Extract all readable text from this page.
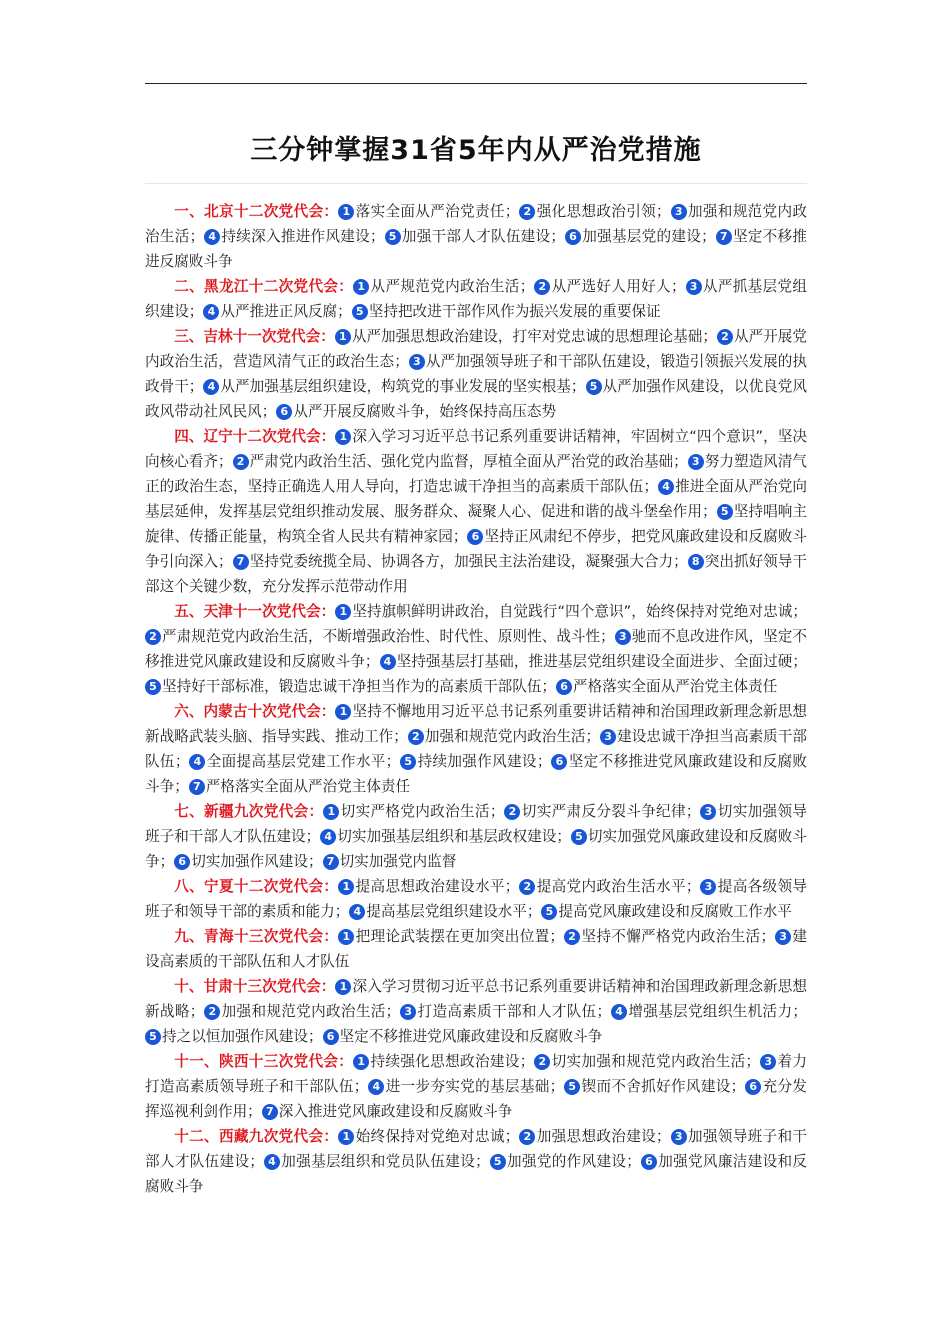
三分钟掌握31省5年内从严治党措施

一、北京十二次党代会： 1 落实全面从严治党责任； 2 强化思想政治引领； 3 加强和规范党内政治生活； 4 持续深入推进作风建设； 5 加强干部人才队伍建设； 6 加强基层党的建设； 7 坚定不移推进反腐败斗争

二、黑龙江十二次党代会： 1 从严规范党内政治生活； 2 从严选好人用好人； 3 从严抓基层党组织建设； 4 从严推进正风反腐； 5 坚持把改进干部作风作为振兴发展的重要保证

三、吉林十一次党代会： 1 从严加强思想政治建设，打牢对党忠诚的思想理论基础； 2 从严开展党内政治生活，营造风清气正的政治生态； 3 从严加强领导班子和干部队伍建设，锻造引领振兴发展的执政骨干； 4 从严加强基层组织建设，构筑党的事业发展的坚实根基； 5 从严加强作风建设，以优良党风政风带动社风民风； 6 从严开展反腐败斗争，始终保持高压态势

四、辽宁十二次党代会： 1 深入学习习近平总书记系列重要讲话精神，牢固树立“四个意识”，坚决向核心看齐； 2 严肃党内政治生活、强化党内监督，厚植全面从严治党的政治基础； 3 努力塑造风清气正的政治生态，坚持正确选人用人导向，打造忠诚干净担当的高素质干部队伍； 4 推进全面从严治党向基层延伸，发挥基层党组织推动发展、服务群众、凝聚人心、促进和谐的战斗堡垒作用； 5 坚持唱响主旋律、传播正能量，构筑全省人民共有精神家园； 6 坚持正风肃纪不停步，把党风廉政建设和反腐败斗争引向深入； 7 坚持党委统揽全局、协调各方，加强民主法治建设，凝聚强大合力； 8 突出抓好领导干部这个关键少数，充分发挥示范带动作用

五、天津十一次党代会： 1 坚持旗帜鲜明讲政治，自觉践行“四个意识”，始终保持对党绝对忠诚；2 严肃规范党内政治生活，不断增强政治性、时代性、原则性、战斗性； 3 驰而不息改进作风，坚定不移推进党风廉政建设和反腐败斗争； 4 坚持强基层打基础，推进基层党组织建设全面进步、全面过硬；5 坚持好干部标准，锻造忠诚干净担当作为的高素质干部队伍； 6 严格落实全面从严治党主体责任

六、内蒙古十次党代会： 1 坚持不懈地用习近平总书记系列重要讲话精神和治国理政新理念新思想新战略武装头脑、指导实践、推动工作； 2 加强和规范党内政治生活； 3 建设忠诚干净担当高素质干部队伍； 4 全面提高基层党建工作水平； 5 持续加强作风建设； 6 坚定不移推进党风廉政建设和反腐败斗争； 7 严格落实全面从严治党主体责任

七、新疆九次党代会： 1 切实严格党内政治生活； 2 切实严肃反分裂斗争纪律； 3 切实加强领导班子和干部人才队伍建设； 4 切实加强基层组织和基层政权建设； 5 切实加强党风廉政建设和反腐败斗争； 6 切实加强作风建设； 7 切实加强党内监督

八、宁夏十二次党代会： 1 提高思想政治建设水平； 2 提高党内政治生活水平； 3 提高各级领导班子和领导干部的素质和能力； 4 提高基层党组织建设水平； 5 提高党风廉政建设和反腐败工作水平

九、青海十三次党代会： 1 把理论武装摆在更加突出位置； 2 坚持不懈严格党内政治生活； 3 建设高素质的干部队伍和人才队伍

十、甘肃十三次党代会： 1 深入学习贯彻习近平总书记系列重要讲话精神和治国理政新理念新思想新战略； 2 加强和规范党内政治生活； 3 打造高素质干部和人才队伍； 4 增强基层党组织生机活力；5 持之以恒加强作风建设； 6 坚定不移推进党风廉政建设和反腐败斗争

十一、陕西十三次党代会： 1 持续强化思想政治建设； 2 切实加强和规范党内政治生活； 3 着力打造高素质领导班子和干部队伍； 4 进一步夯实党的基层基础； 5 锲而不舍抓好作风建设； 6 充分发挥巡视利剑作用； 7 深入推进党风廉政建设和反腐败斗争

十二、西藏九次党代会： 1 始终保持对党绝对忠诚； 2 加强思想政治建设； 3 加强领导班子和干部人才队伍建设； 4 加强基层组织和党员队伍建设； 5 加强党的作风建设； 6 加强党风廉洁建设和反腐败斗争
